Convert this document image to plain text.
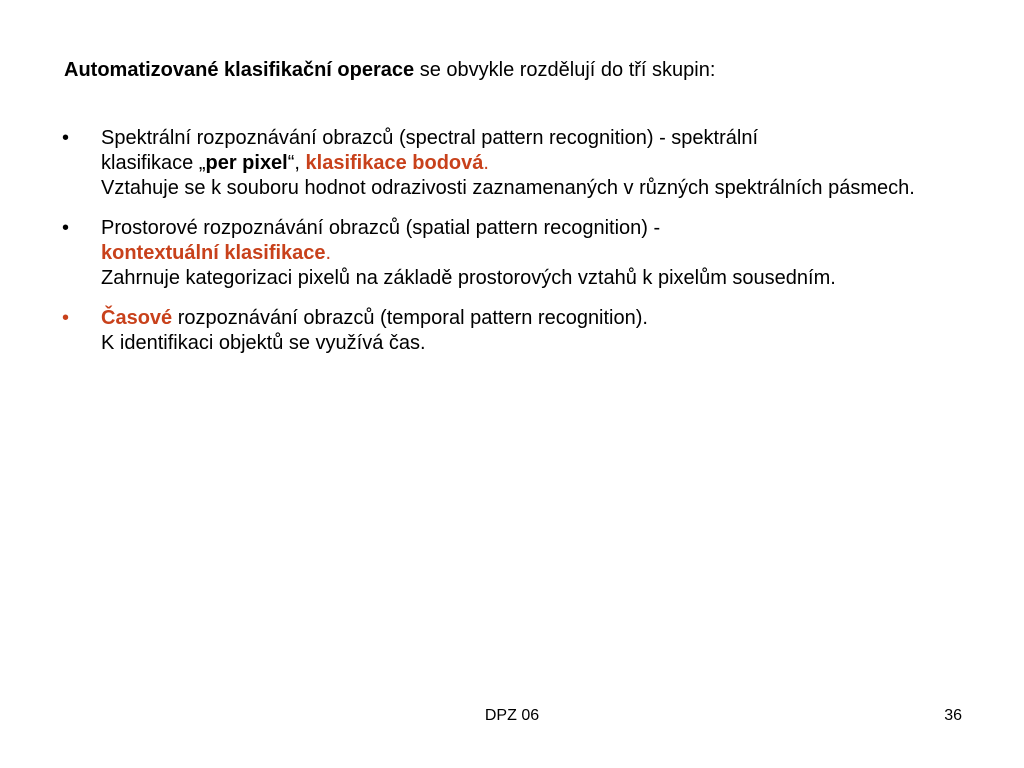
Automatizované klasifikační operace se obvykle rozdělují do tří skupin:

• Spektrální rozpoznávání obrazců (spectral pattern recognition) - spektrální
klasifikace „per pixel“, klasifikace bodová.
Vztahuje se k souboru hodnot odrazivosti zaznamenaných v různých spektrálních pásmech.
• Prostorové rozpoznávání obrazců (spatial pattern recognition) -
kontextuální klasifikace.
Zahrnuje kategorizaci pixelů na základě prostorových vztahů k pixelům sousedním.
• Časové rozpoznávání obrazců (temporal pattern recognition).
K identifikaci objektů se využívá čas.
DPZ 06	36
